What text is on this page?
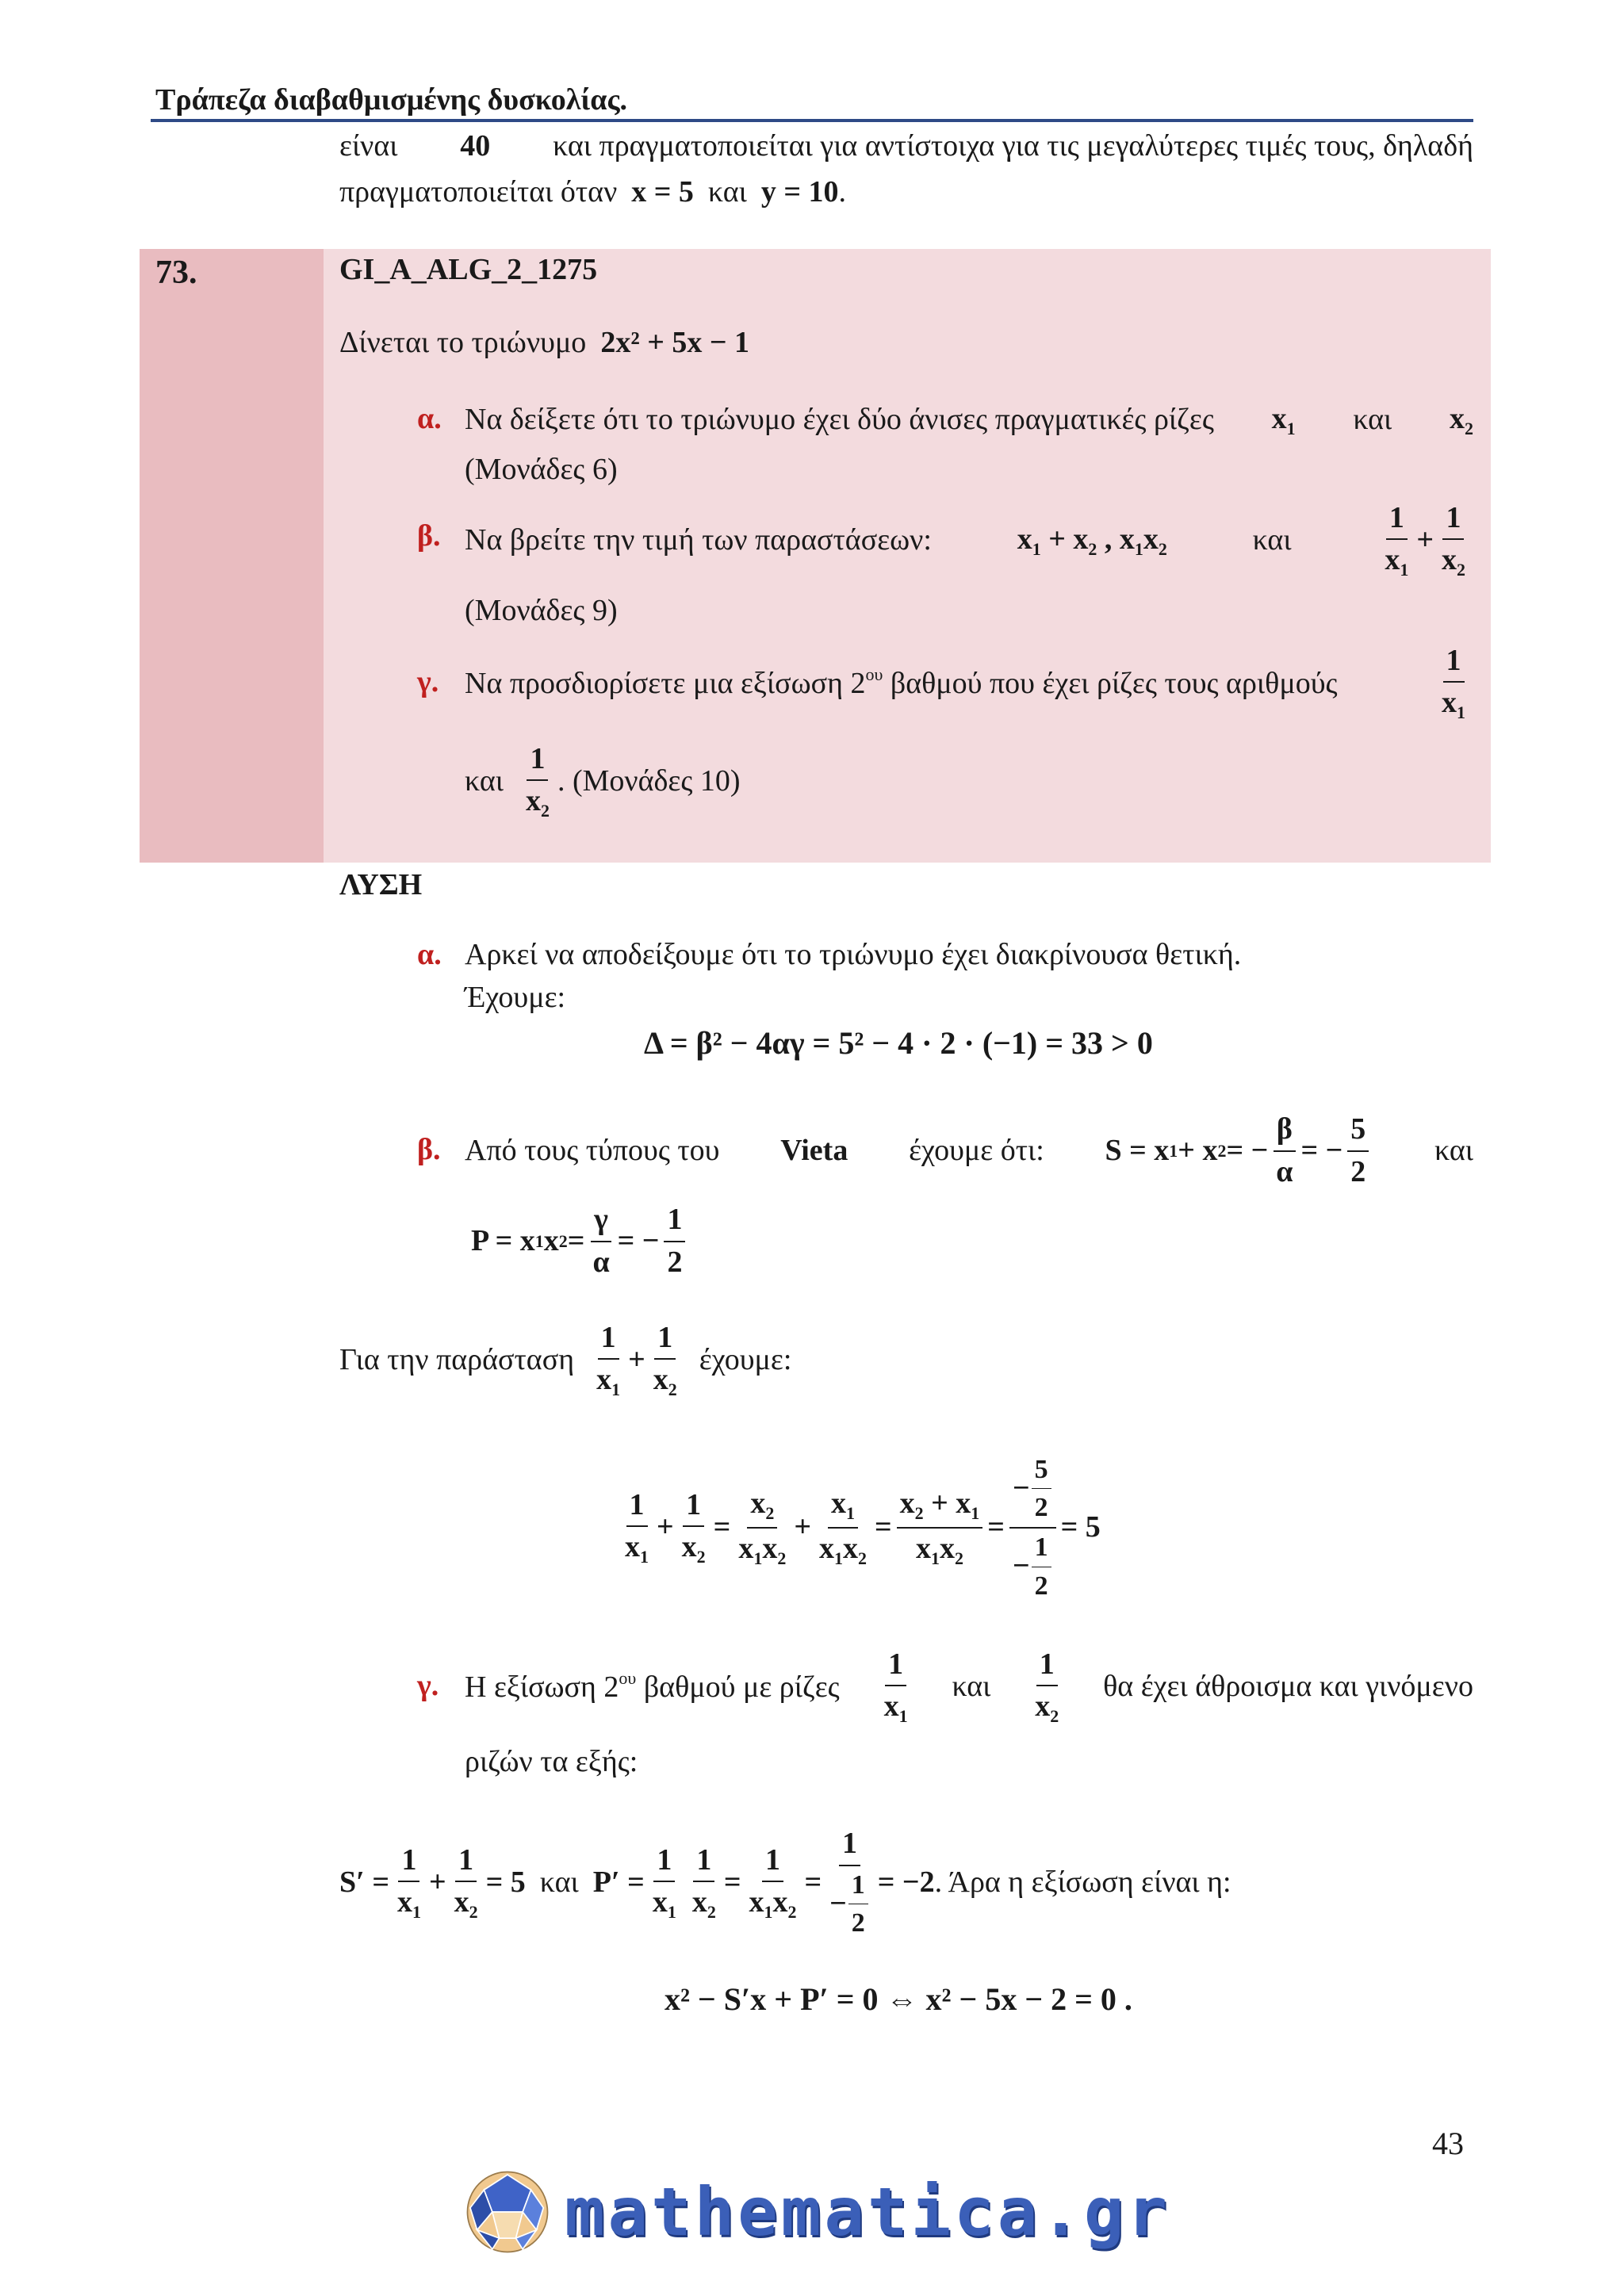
Τράπεζα διαβαθμισμένης δυσκολίας.
είναι 40 και πραγματοποιείται για αντίστοιχα για τις μεγαλύτερες τιμές τους, δηλαδή
πραγματοποιείται όταν x = 5 και y = 10 .
73.	GI_A_ALG_2_1275
Δίνεται το τριώνυμο 2x² + 5x − 1
α. Να δείξετε ότι το τριώνυμο έχει δύο άνισες πραγματικές ρίζες $x_1$ και $x_2$
(Μονάδες 6)
β. Να βρείτε την τιμή των παραστάσεων:	$x_1 + x_2$ , $x_1x_2$	και	$\frac{1}{x_1} + \frac{1}{x_2}$
(Μονάδες 9)
γ. Να προσδιορίσετε μια εξίσωση $2^{o\upsilon}$ βαθμού που έχει ρίζες τους αριθμούς	$\frac{1}{x_1}$
και $\frac{1}{x_2}$ . (Μονάδες 10)
ΛΥΣΗ
α. Αρκεί να αποδείξουμε ότι το τριώνυμο έχει διακρίνουσα θετική.
Έχουμε:
Δ = β² − 4αγ = 5² − 4 · 2 · (−1) = 33 > 0
β. Από τους τύπους του Vieta έχουμε ότι: S = x 1 + x 2 = − $\frac{\beta}{\alpha}$ = − $\frac{5}{2}$ και
P = x 1 x $2 = \frac{\gamma}{\alpha}$ = − $\frac{1}{2}$
Για την παράσταση $\frac{1}{x_1} + \frac{1}{x_2} έ\chi o\upsilon\mu\varepsilon$:
$\frac{1}{x_1} + \frac{1}{x_2} = \frac{x_2}{x_1x_2} + \frac{x_1}{x_1x_2} = \frac{x_2 + x_1}{x_1x_2} = \frac{- \frac{5}{2}}{- \frac{1}{2}} = 5$
γ. Η εξίσωση $2^{o\upsilon}$ βαθμού με ρίζες $\frac{1}{x_1}$ και $\frac{1}{x_2}$ θα έχει άθροισμα και γινόμενο
ριζών τα εξής:
$S' = \frac{1}{x_1} + \frac{1}{x_2} = 5$ και $P' = \frac{1}{x_1} \frac{1}{x_2} = \frac{1}{x_1x_2} = \frac{1}{- \frac{1}{2}} = -2$ . Άρα η εξίσωση είναι η:
x² − S′x + P′ = 0 ⇔ x² − 5x − 2 = 0 .
43
mathematica.gr
